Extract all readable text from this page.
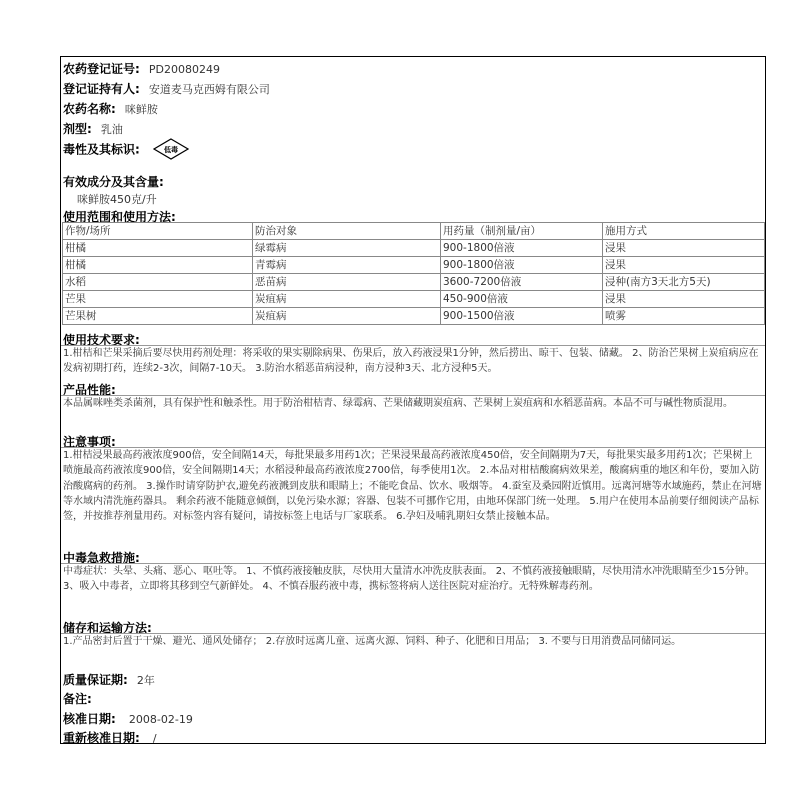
农药登记证号: PD20080249
登记证持有人: 安道麦马克西姆有限公司
农药名称: 咪鲜胺
剂型: 乳油
毒性及其标识:	低毒
有效成分及其含量:
咪鲜胺450克/升
使用范围和使用方法:
作物/场所	防治对象	用药量（制剂量/亩）	施用方式
柑橘	绿霉病	900-1800倍液	浸果
柑橘	青霉病	900-1800倍液	浸果
水稻	恶苗病	3600-7200倍液	浸种(南方3天北方5天)
芒果	炭疽病	450-900倍液	浸果
芒果树	炭疽病	900-1500倍液	喷雾
使用技术要求:
1.柑桔和芒果采摘后要尽快用药剂处理：将采收的果实剔除病果、伤果后，放入药液浸果1分钟，然后捞出、晾干、包装、储藏。 2、防治芒果树上炭疽病应在发病初期打药，连续2-3次，间隔7-10天。 3.防治水稻恶苗病浸种，南方浸种3天、北方浸种5天。
产品性能:
本品属咪唑类杀菌剂，具有保护性和触杀性。用于防治柑桔青、绿霉病、芒果储藏期炭疽病、芒果树上炭疽病和水稻恶苗病。本品不可与碱性物质混用。
注意事项:
1.柑桔浸果最高药液浓度900倍，安全间隔14天，每批果最多用药1次；芒果浸果最高药液浓度450倍，安全间隔期为7天，每批果实最多用药1次；芒果树上喷施最高药液浓度900倍，安全间隔期14天；水稻浸种最高药液浓度2700倍，每季使用1次。 2.本品对柑桔酸腐病效果差，酸腐病重的地区和年份，要加入防治酸腐病的药剂。 3.操作时请穿防护衣,避免药液溅到皮肤和眼睛上；不能吃食品、饮水、吸烟等。 4.蚕室及桑园附近慎用。远离河塘等水域施药，禁止在河塘等水域内清洗施药器具。 剩余药液不能随意倾倒，以免污染水源；容器、包装不可挪作它用，由地环保部门统一处理。 5.用户在使用本品前要仔细阅读产品标签，并按推荐剂量用药。对标签内容有疑问，请按标签上电话与厂家联系。 6.孕妇及哺乳期妇女禁止接触本品。
中毒急救措施:
中毒症状：头晕、头痛、恶心、呕吐等。 1、不慎药液接触皮肤，尽快用大量清水冲洗皮肤表面。 2、不慎药液接触眼睛，尽快用清水冲洗眼睛至少15分钟。 3、吸入中毒者，立即将其移到空气新鲜处。 4、不慎吞服药液中毒，携标签将病人送往医院对症治疗。无特殊解毒药剂。
储存和运输方法:
1.产品密封后置于干燥、避光、通风处储存； 2.存放时远离儿童、远离火源、饲料、种子、化肥和日用品； 3. 不要与日用消费品同储同运。
质量保证期: 2年
备注:
核准日期: 2008-02-19
重新核准日期: /
